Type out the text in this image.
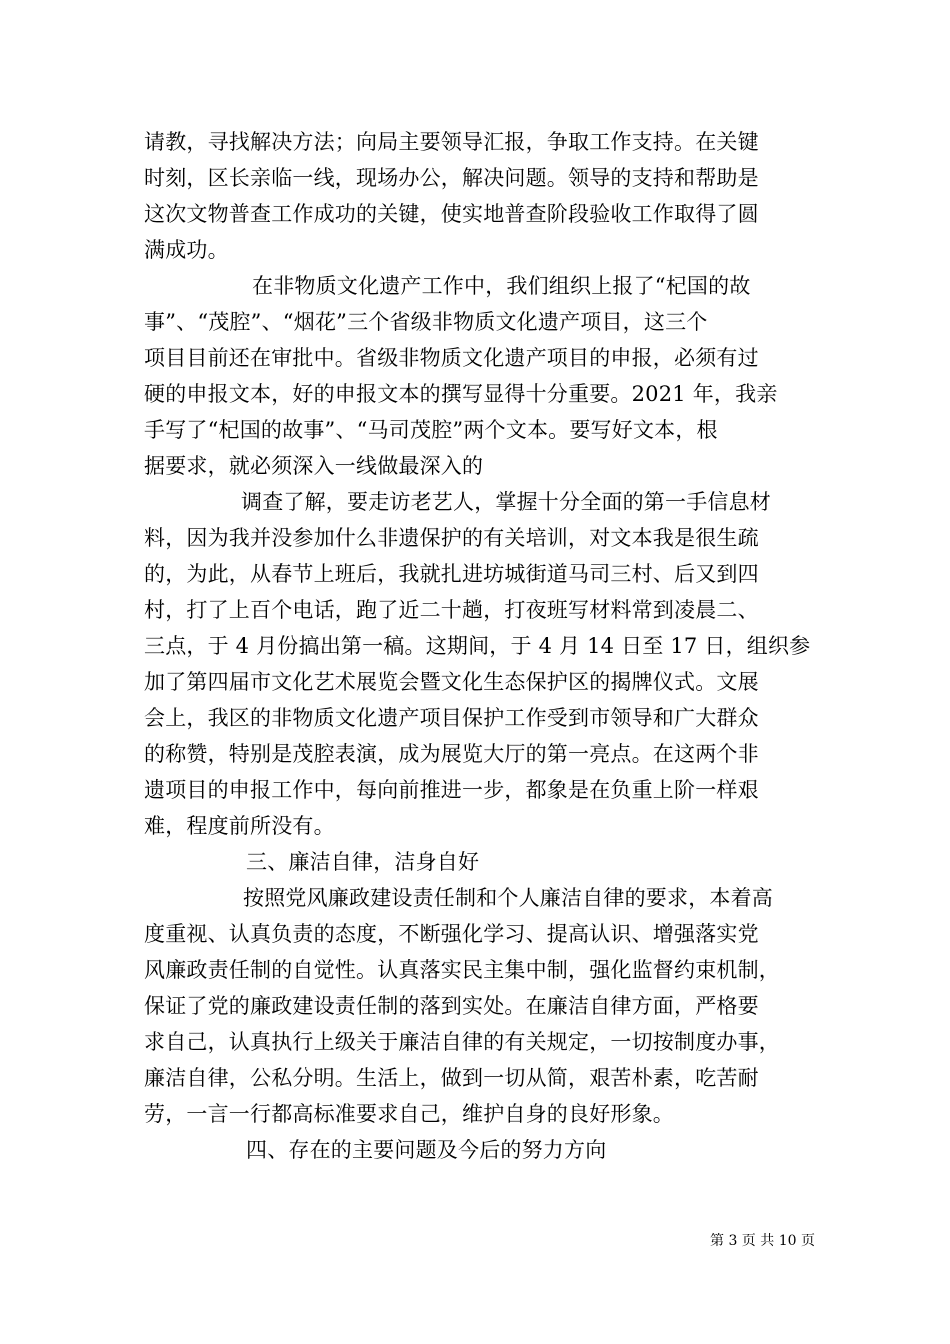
请教，寻找解决方法；向局主要领导汇报，争取工作支持。在关键
时刻，区长亲临一线，现场办公，解决问题。领导的支持和帮助是
这次文物普查工作成功的关键，使实地普查阶段验收工作取得了圆
满成功。
在非物质文化遗产工作中，我们组织上报了“杞国的故
事”、“茂腔”、“烟花”三个省级非物质文化遗产项目，这三个
项目目前还在审批中。省级非物质文化遗产项目的申报，必须有过
硬的申报文本，好的申报文本的撰写显得十分重要。2021 年，我亲
手写了“杞国的故事”、“马司茂腔”两个文本。要写好文本，根
据要求，就必须深入一线做最深入的
调查了解，要走访老艺人，掌握十分全面的第一手信息材
料，因为我并没参加什么非遗保护的有关培训，对文本我是很生疏
的，为此，从春节上班后，我就扎进坊城街道马司三村、后又到四
村，打了上百个电话，跑了近二十趟，打夜班写材料常到凌晨二、
三点，于 4 月份搞出第一稿。这期间，于 4 月 14 日至 17 日，组织参
加了第四届市文化艺术展览会暨文化生态保护区的揭牌仪式。文展
会上，我区的非物质文化遗产项目保护工作受到市领导和广大群众
的称赞，特别是茂腔表演，成为展览大厅的第一亮点。在这两个非
遗项目的申报工作中，每向前推进一步，都象是在负重上阶一样艰
难，程度前所没有。
三、廉洁自律，洁身自好
按照党风廉政建设责任制和个人廉洁自律的要求，本着高
度重视、认真负责的态度，不断强化学习、提高认识、增强落实党
风廉政责任制的自觉性。认真落实民主集中制，强化监督约束机制，
保证了党的廉政建设责任制的落到实处。在廉洁自律方面，严格要
求自己，认真执行上级关于廉洁自律的有关规定，一切按制度办事，
廉洁自律，公私分明。生活上，做到一切从简，艰苦朴素，吃苦耐
劳，一言一行都高标准要求自己，维护自身的良好形象。
四、存在的主要问题及今后的努力方向
第 3 页 共 10 页
